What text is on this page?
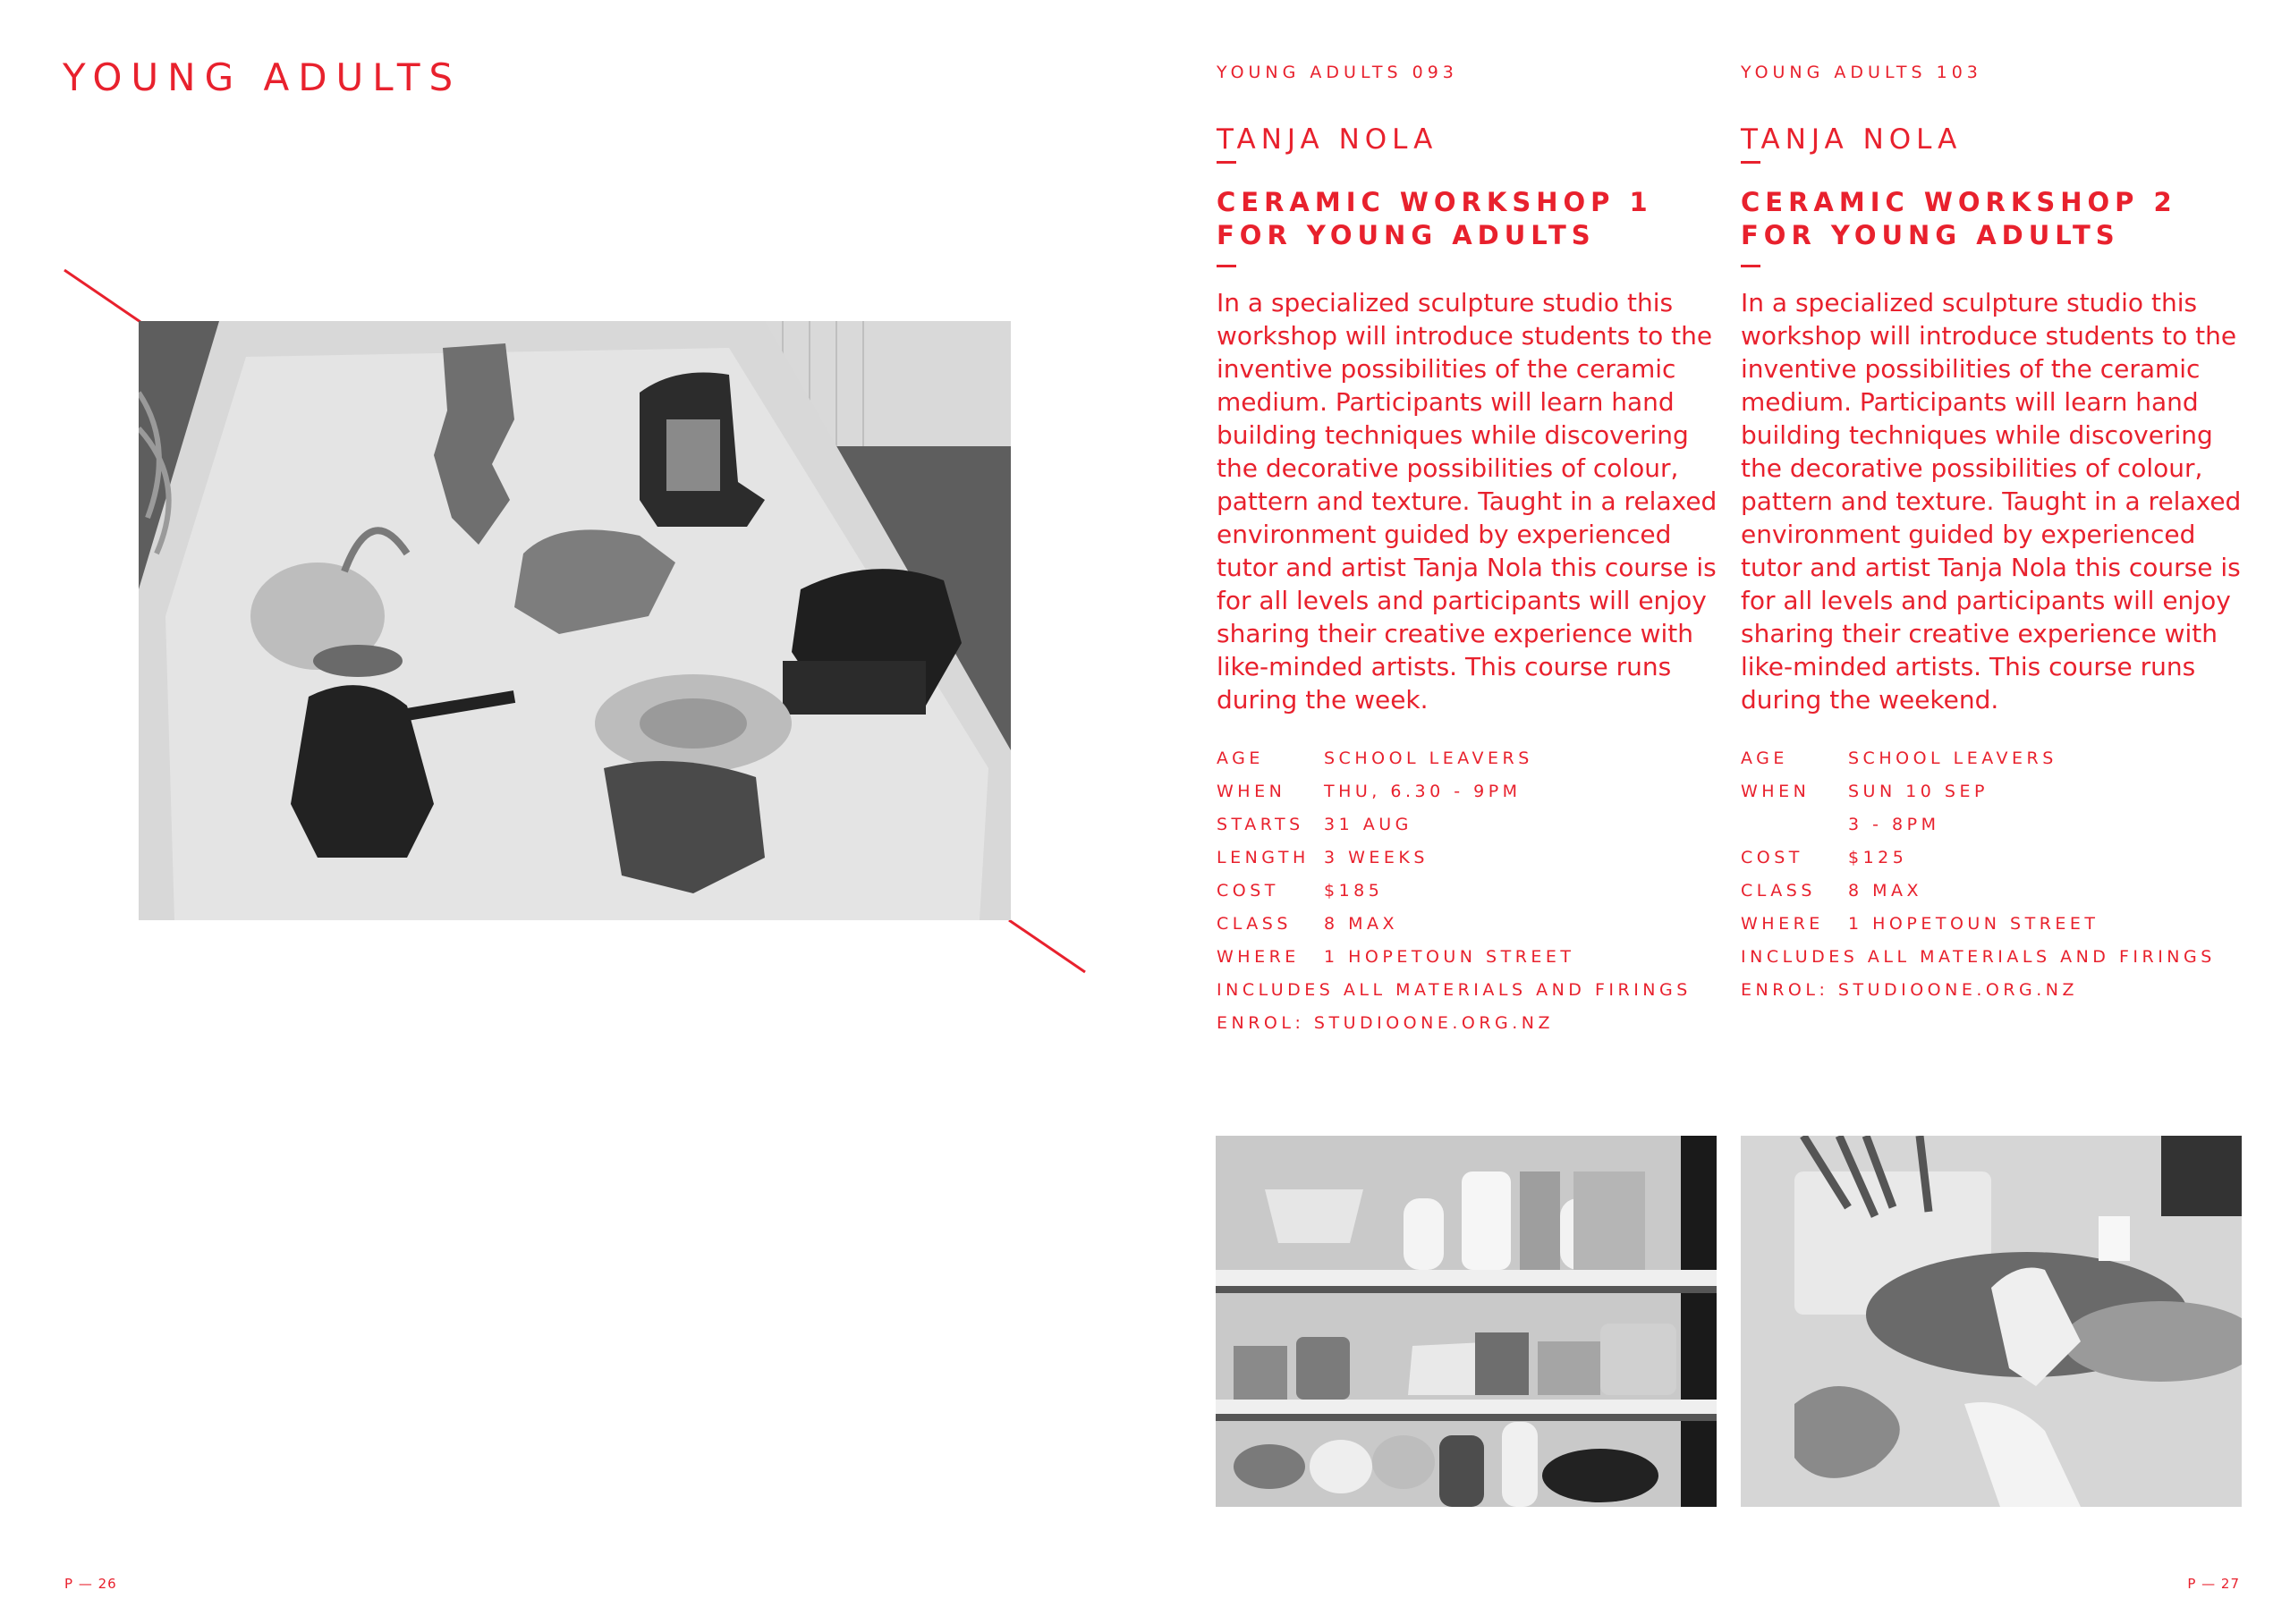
YOUNG ADULTS	YOUNG ADULTS 093
TANJA NOLA
CERAMIC WORKSHOP 1
FOR YOUNG ADULTS
In a specialized sculpture studio this workshop will introduce students to the inventive possibilities of the ceramic medium. Participants will learn hand building techniques while discovering the decorative possibilities of colour, pattern and texture. Taught in a relaxed environment guided by experienced tutor and artist Tanja Nola this course is for all levels and participants will enjoy sharing their creative experience with like-minded artists. This course runs during the week.
AGE	SCHOOL LEAVERS
WHEN THU, 6.30 - 9PM
STARTS 31 AUG
LENGTH 3 WEEKS
COST	$185
CLASS 8 MAX
WHERE 1 HOPETOUN STREET
INCLUDES ALL MATERIALS AND FIRINGS
ENROL: STUDIOONE.ORG.NZ
YOUNG ADULTS 103
TANJA NOLA
CERAMIC WORKSHOP 2
FOR YOUNG ADULTS
In a specialized sculpture studio this workshop will introduce students to the inventive possibilities of the ceramic medium. Participants will learn hand building techniques while discovering the decorative possibilities of colour, pattern and texture. Taught in a relaxed environment guided by experienced tutor and artist Tanja Nola this course is for all levels and participants will enjoy sharing their creative experience with like-minded artists. This course runs during the weekend.
AGE	SCHOOL LEAVERS
WHEN SUN 10 SEP
3 - 8PM
COST	$125
CLASS 8 MAX
WHERE 1 HOPETOUN STREET
INCLUDES ALL MATERIALS AND FIRINGS
ENROL: STUDIOONE.ORG.NZ
P — 26	P — 27
